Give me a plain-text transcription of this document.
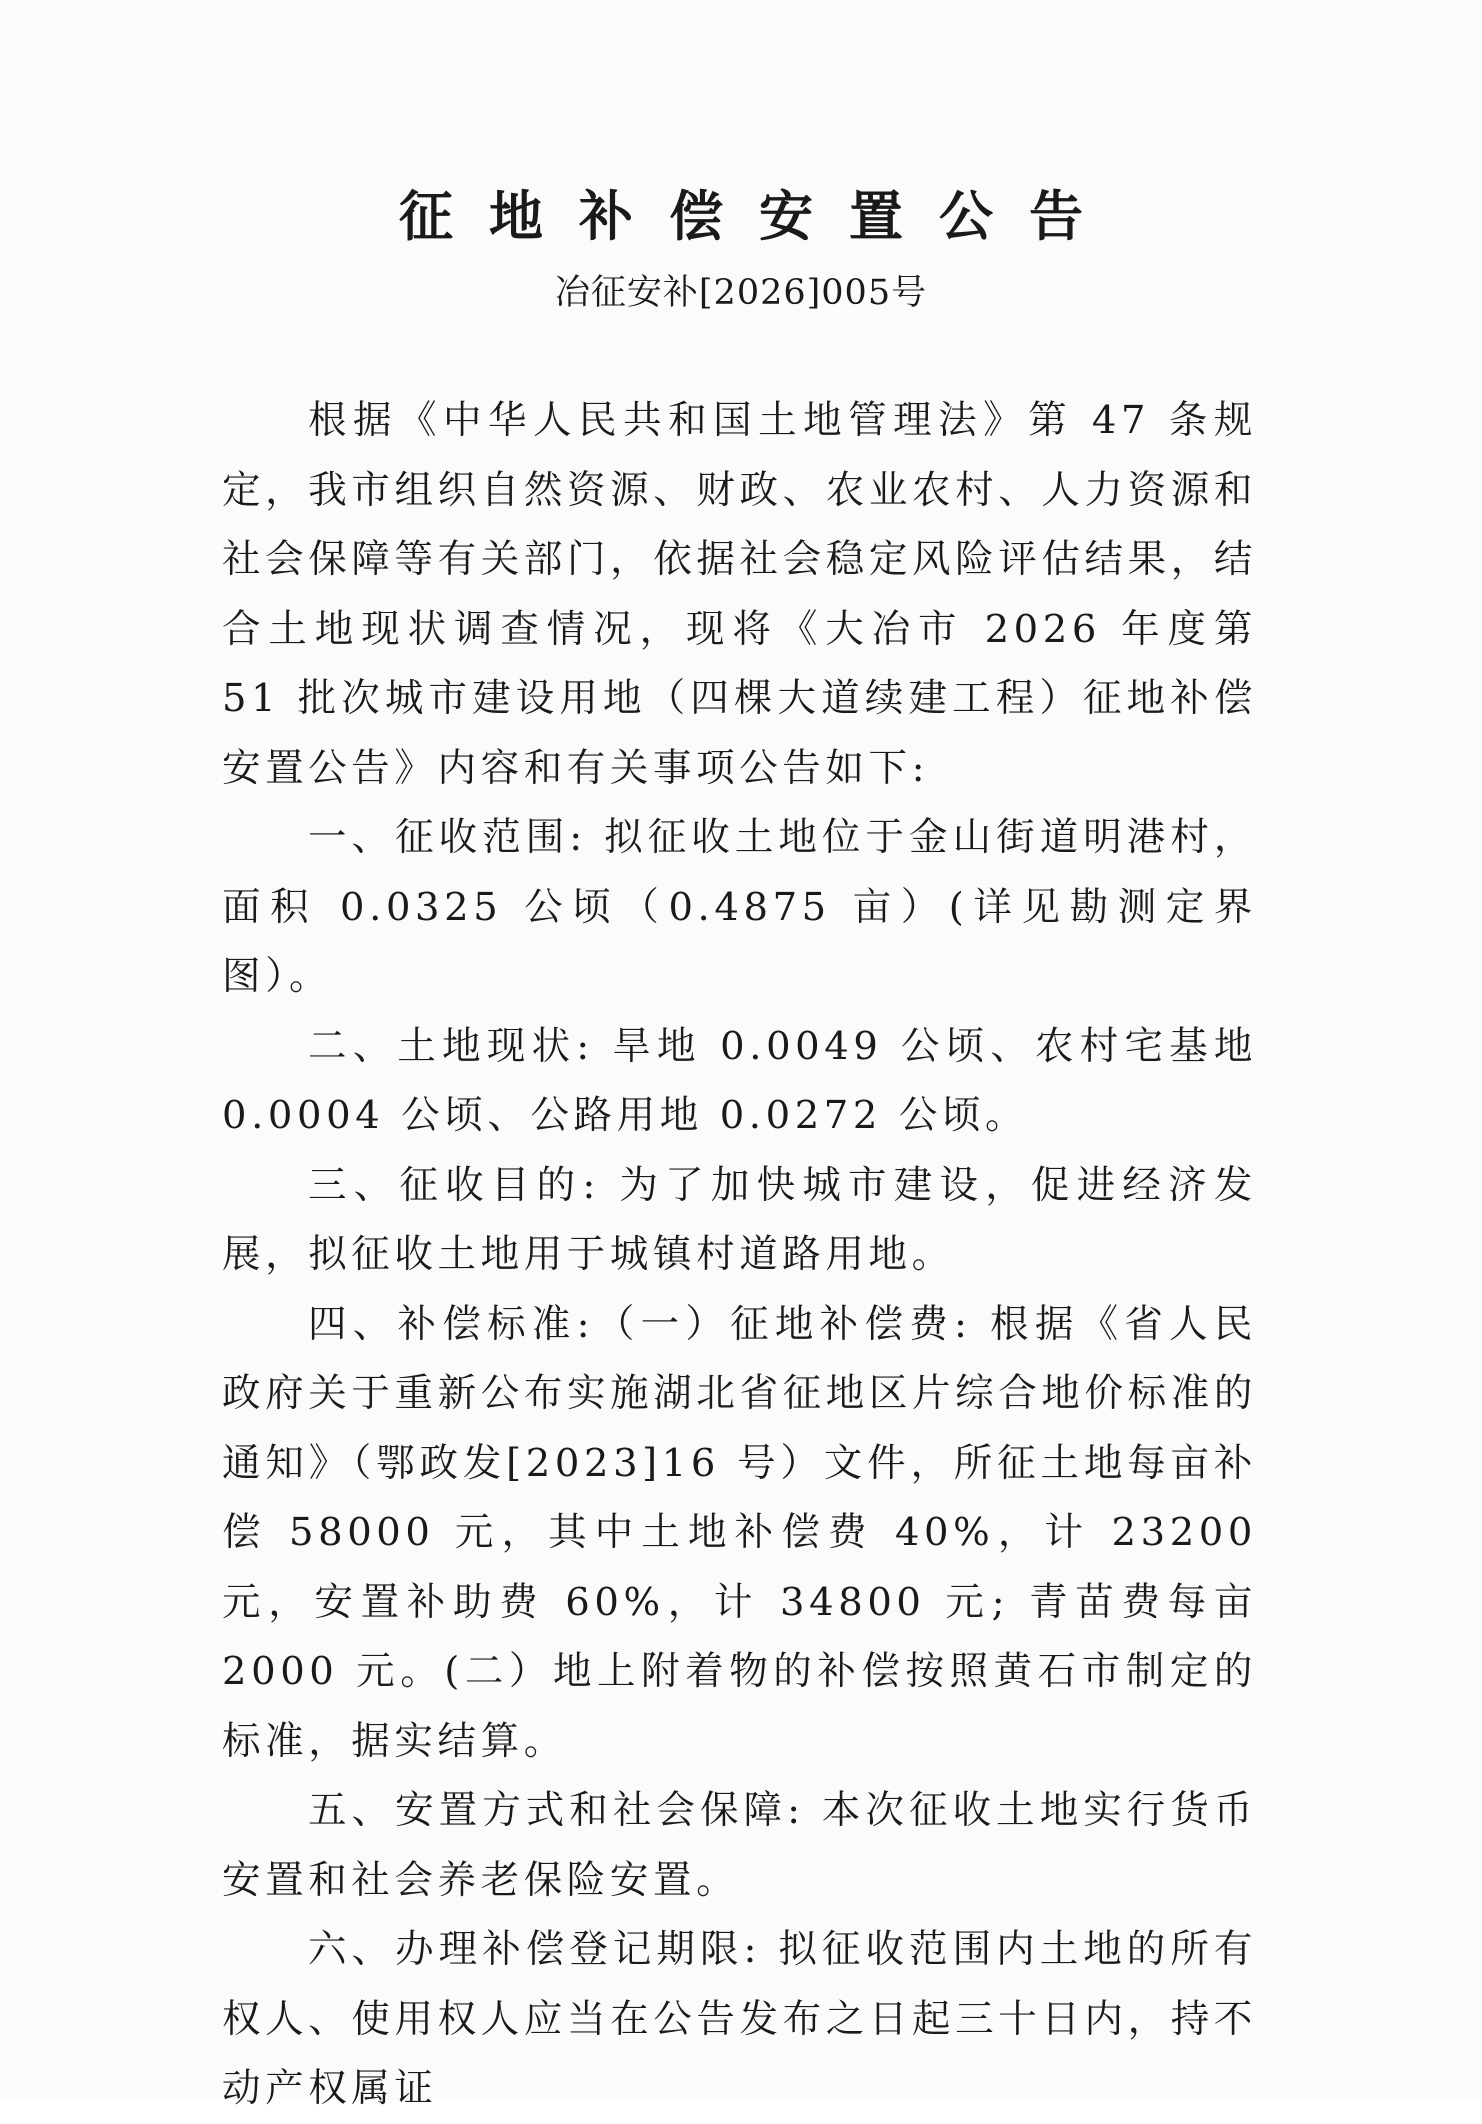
征地补偿安置公告
冶征安补[2026]005号

根据《中华人民共和国土地管理法》第 47 条规定，我市组织自然资源、财政、农业农村、人力资源和社会保障等有关部门，依据社会稳定风险评估结果，结合土地现状调查情况，现将《大冶市 2026 年度第 51 批次城市建设用地（四棵大道续建工程）征地补偿安置公告》内容和有关事项公告如下:

一、征收范围: 拟征收土地位于金山街道明港村，面积 0.0325 公顷（0.4875 亩）(详见勘测定界图）。

二、土地现状: 旱地 0.0049 公顷、农村宅基地 0.0004 公顷、公路用地 0.0272 公顷。

三、征收目的: 为了加快城市建设，促进经济发展，拟征收土地用于城镇村道路用地。

四、补偿标准:（一）征地补偿费: 根据《省人民政府关于重新公布实施湖北省征地区片综合地价标准的通知》（鄂政发[2023]16 号）文件，所征土地每亩补偿 58000 元，其中土地补偿费 40%，计 23200 元，安置补助费 60%，计 34800 元; 青苗费每亩 2000 元。(二）地上附着物的补偿按照黄石市制定的标准，据实结算。

五、安置方式和社会保障: 本次征收土地实行货币安置和社会养老保险安置。

六、办理补偿登记期限: 拟征收范围内土地的所有权人、使用权人应当在公告发布之日起三十日内，持不动产权属证
